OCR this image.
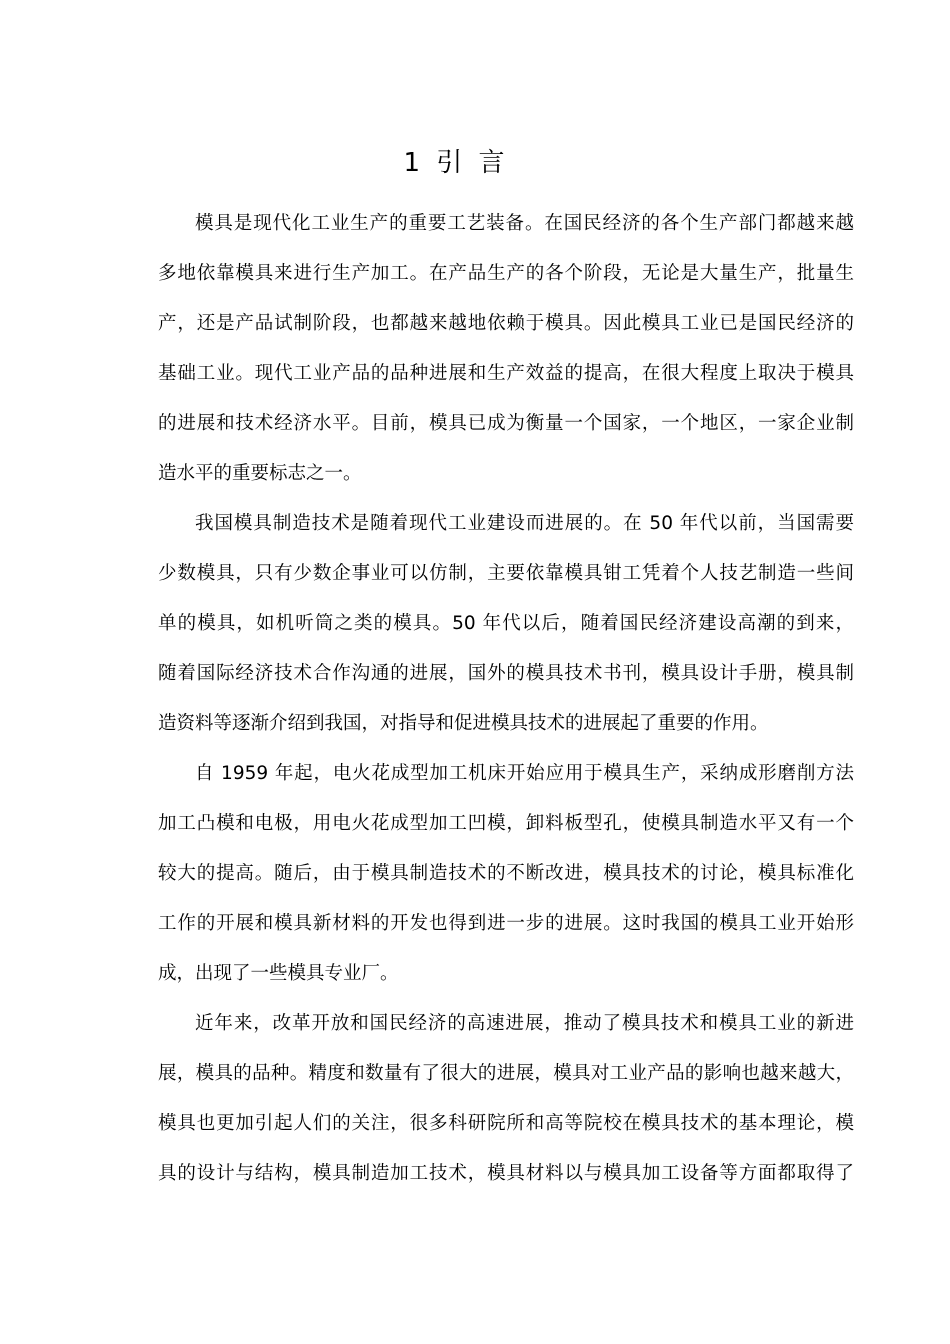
1 引 言
模具是现代化工业生产的重要工艺装备。在国民经济的各个生产部门都越来越
多地依靠模具来进行生产加工。在产品生产的各个阶段，无论是大量生产，批量生
产，还是产品试制阶段，也都越来越地依赖于模具。因此模具工业已是国民经济的
基础工业。现代工业产品的品种进展和生产效益的提高，在很大程度上取决于模具
的进展和技术经济水平。目前，模具已成为衡量一个国家，一个地区，一家企业制
造水平的重要标志之一。
我国模具制造技术是随着现代工业建设而进展的。在 50 年代以前，当国需要
少数模具，只有少数企事业可以仿制，主要依靠模具钳工凭着个人技艺制造一些间
单的模具，如机听筒之类的模具。50 年代以后，随着国民经济建设高潮的到来，
随着国际经济技术合作沟通的进展，国外的模具技术书刊，模具设计手册，模具制
造资料等逐渐介绍到我国，对指导和促进模具技术的进展起了重要的作用。
自 1959 年起，电火花成型加工机床开始应用于模具生产，采纳成形磨削方法
加工凸模和电极，用电火花成型加工凹模，卸料板型孔，使模具制造水平又有一个
较大的提高。随后，由于模具制造技术的不断改进，模具技术的讨论，模具标准化
工作的开展和模具新材料的开发也得到进一步的进展。这时我国的模具工业开始形
成，出现了一些模具专业厂。
近年来，改革开放和国民经济的高速进展，推动了模具技术和模具工业的新进
展，模具的品种。精度和数量有了很大的进展，模具对工业产品的影响也越来越大，
模具也更加引起人们的关注，很多科研院所和高等院校在模具技术的基本理论，模
具的设计与结构，模具制造加工技术，模具材料以与模具加工设备等方面都取得了
